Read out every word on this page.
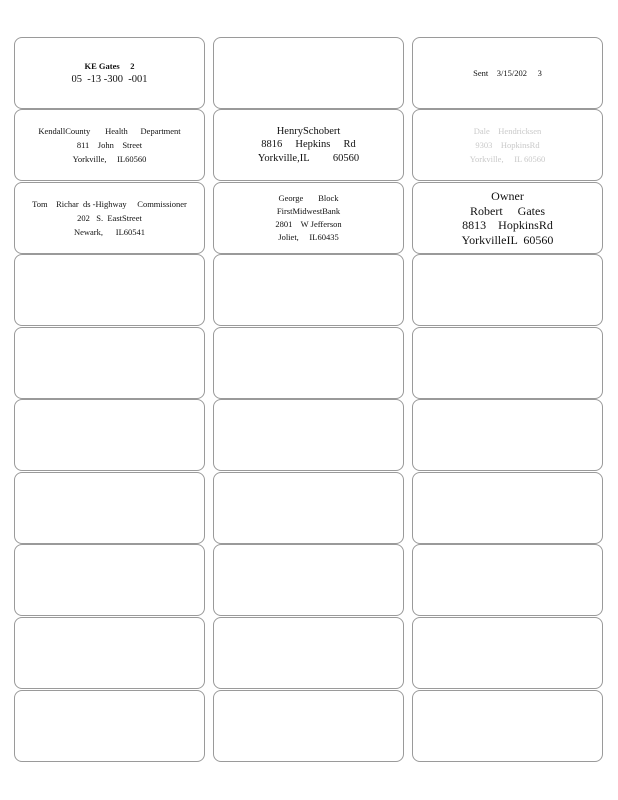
KE Gates     2
05  -13 -300  -001
Sent    3/15/202     3
KendallCounty       Health      Department
811    John    Street
Yorkville,     IL60560
HenrySchobert
8816     Hepkins     Rd
Yorkville,IL         60560
Dale    Hendricksen
9303    HopkinsRd
Yorkville,     IL 60560
Tom    Richar  ds -Highway     Commissioner
202   S.  EastStreet
Newark,      IL60541
George       Block
FirstMidwestBank
2801    W Jefferson
Joliet,     IL60435
Owner
Robert     Gates
8813    HopkinsRd
YorkvilleIL  60560
